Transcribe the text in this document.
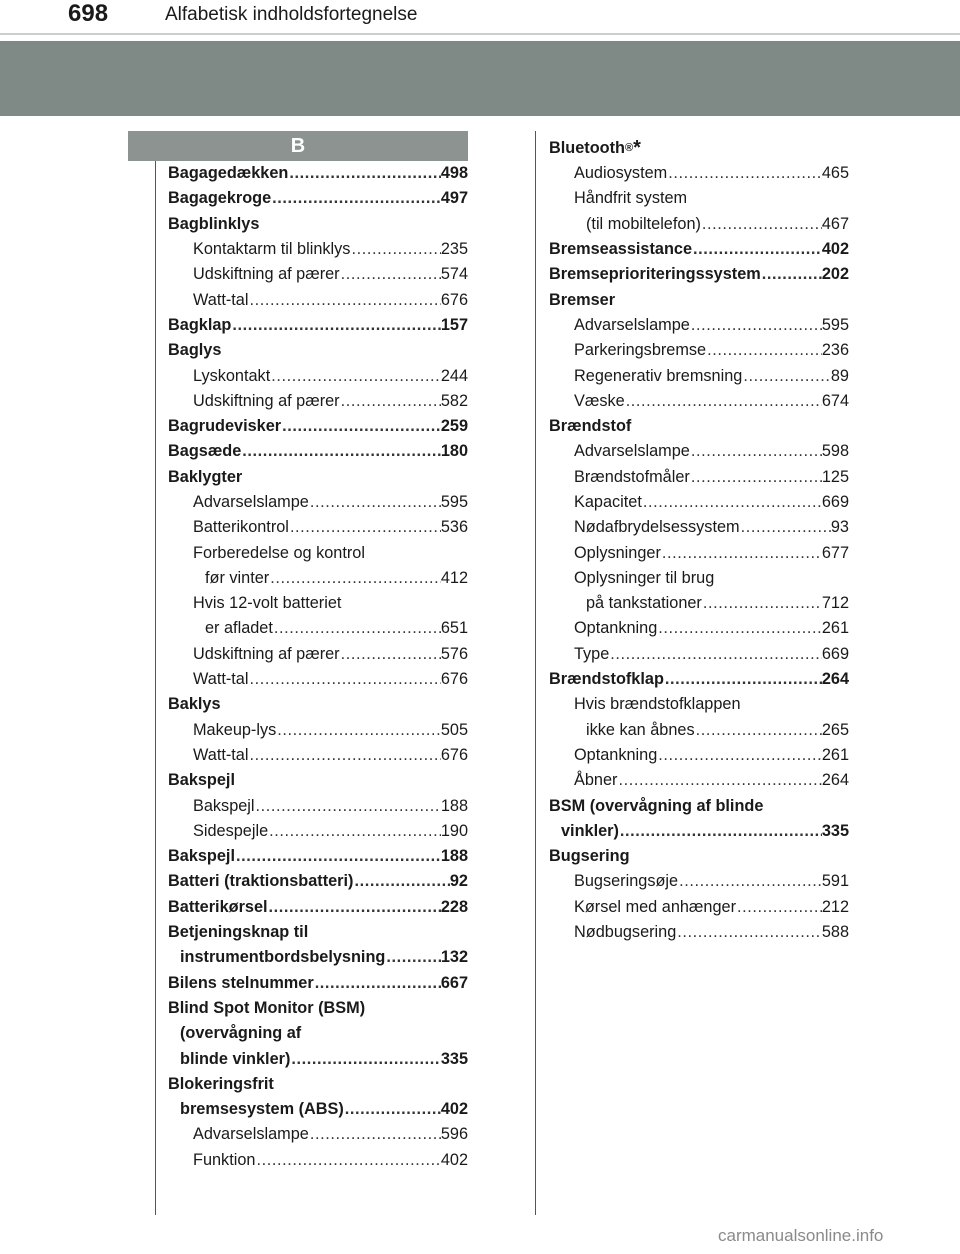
698	Alfabetisk indholdsfortegnelse
B
Bagagedækken .....	498
Bagagekroge .....	497
Bagblinklys
Kontaktarm til blinklys .....	235
Udskiftning af pærer .....	574
Watt-tal .....	676
Bagklap .....	157
Baglys
Lyskontakt .....	244
Udskiftning af pærer .....	582
Bagrudevisker .....	259
Bagsæde .....	180
Baklygter
Advarselslampe .....	595
Batterikontrol .....	536
Forberedelse og kontrol
før vinter .....	412
Hvis 12-volt batteriet
er afladet .....	651
Udskiftning af pærer .....	576
Watt-tal .....	676
Baklys
Makeup-lys .....	505
Watt-tal .....	676
Bakspejl
Bakspejl .....	188
Sidespejle .....	190
Bakspejl .....	188
Batteri (traktionsbatteri) .....	92
Batterikørsel .....	228
Betjeningsknap til
instrumentbordsbelysning .....	132
Bilens stelnummer .....	667
Blind Spot Monitor (BSM)
(overvågning af
blinde vinkler) .....	335
Blokeringsfrit
bremsesystem (ABS) .....	402
Advarselslampe .....	596
Funktion .....	402
Bluetooth ® *
Audiosystem .....	465
Håndfrit system
(til mobiltelefon) .....	467
Bremseassistance .....	402
Bremseprioriteringssystem .....	202
Bremser
Advarselslampe .....	595
Parkeringsbremse .....	236
Regenerativ bremsning .....	89
Væske .....	674
Brændstof
Advarselslampe .....	598
Brændstofmåler .....	125
Kapacitet .....	669
Nødafbrydelsessystem .....	93
Oplysninger .....	677
Oplysninger til brug
på tankstationer .....	712
Optankning .....	261
Type .....	669
Brændstofklap .....	264
Hvis brændstofklappen
ikke kan åbnes .....	265
Optankning .....	261
Åbner .....	264
BSM (overvågning af blinde
vinkler) .....	335
Bugsering
Bugseringsøje .....	591
Kørsel med anhænger .....	212
Nødbugsering .....	588
carmanualsonline.info
